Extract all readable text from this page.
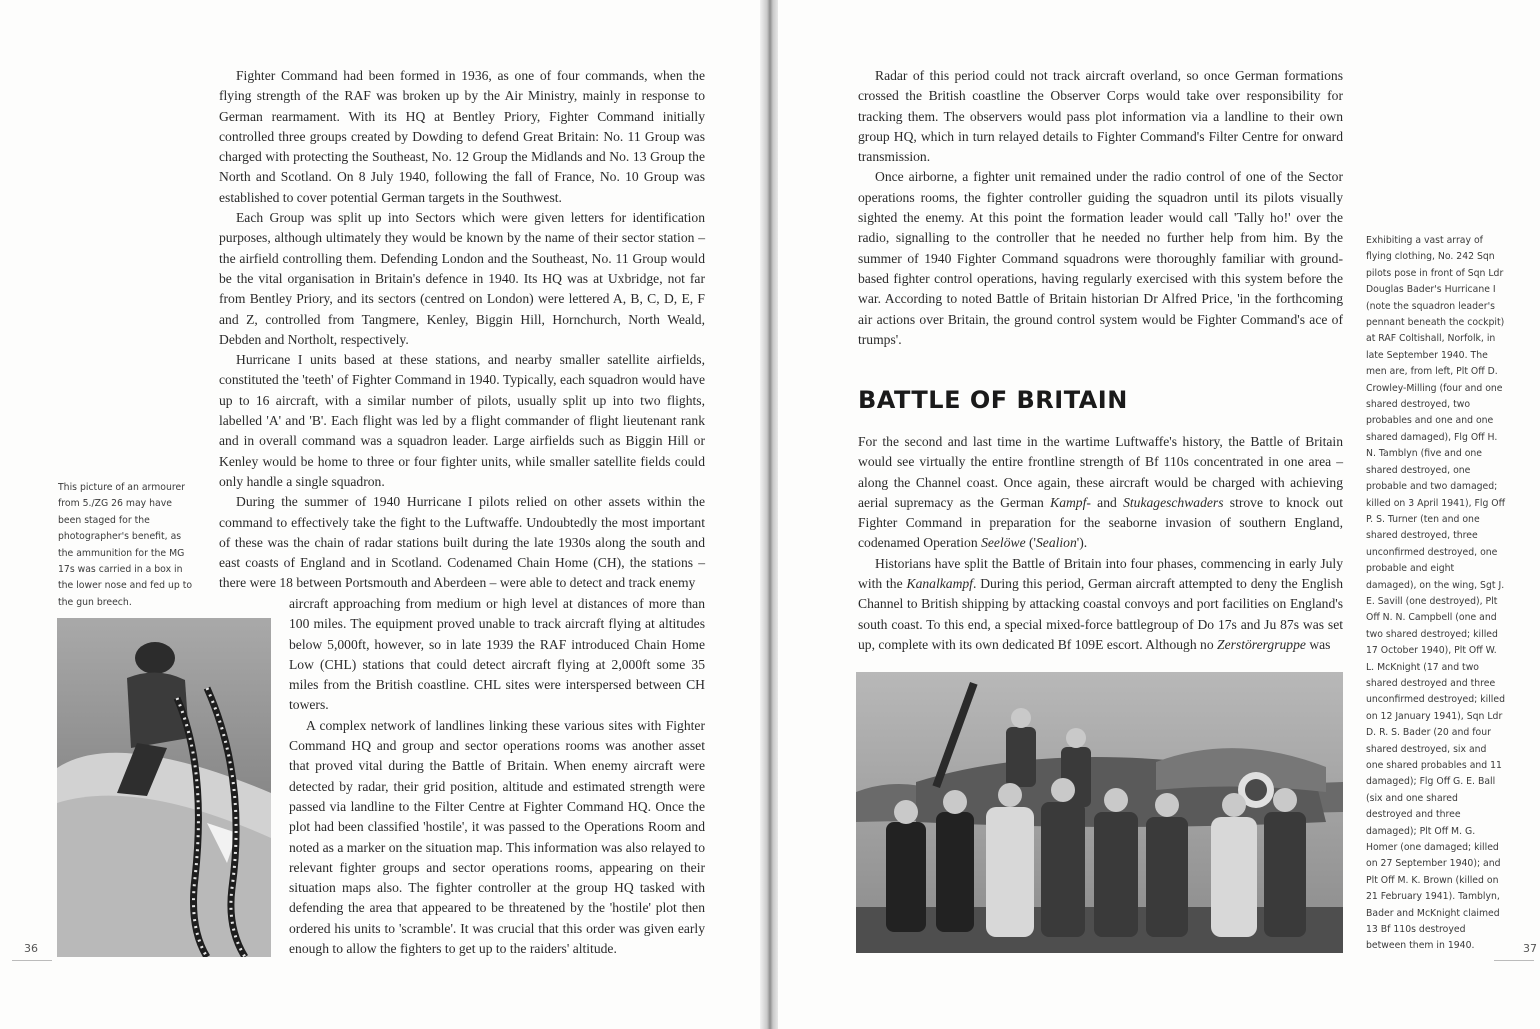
Fighter Command had been formed in 1936, as one of four commands, when the flying strength of the RAF was broken up by the Air Ministry, mainly in response to German rearmament. With its HQ at Bentley Priory, Fighter Command initially controlled three groups created by Dowding to defend Great Britain: No. 11 Group was charged with protecting the Southeast, No. 12 Group the Midlands and No. 13 Group the North and Scotland. On 8 July 1940, following the fall of France, No. 10 Group was established to cover potential German targets in the Southwest.

Each Group was split up into Sectors which were given letters for identification purposes, although ultimately they would be known by the name of their sector station – the airfield controlling them. Defending London and the Southeast, No. 11 Group would be the vital organisation in Britain's defence in 1940. Its HQ was at Uxbridge, not far from Bentley Priory, and its sectors (centred on London) were lettered A, B, C, D, E, F and Z, controlled from Tangmere, Kenley, Biggin Hill, Hornchurch, North Weald, Debden and Northolt, respectively.

Hurricane I units based at these stations, and nearby smaller satellite airfields, constituted the 'teeth' of Fighter Command in 1940. Typically, each squadron would have up to 16 aircraft, with a similar number of pilots, usually split up into two flights, labelled 'A' and 'B'. Each flight was led by a flight commander of flight lieutenant rank and in overall command was a squadron leader. Large airfields such as Biggin Hill or Kenley would be home to three or four fighter units, while smaller satellite fields could only handle a single squadron.

During the summer of 1940 Hurricane I pilots relied on other assets within the command to effectively take the fight to the Luftwaffe. Undoubtedly the most important of these was the chain of radar stations built during the late 1930s along the south and east coasts of England and in Scotland. Codenamed Chain Home (CH), the stations – there were 18 between Portsmouth and Aberdeen – were able to detect and track enemy

aircraft approaching from medium or high level at distances of more than 100 miles. The equipment proved unable to track aircraft flying at altitudes below 5,000ft, however, so in late 1939 the RAF introduced Chain Home Low (CHL) stations that could detect aircraft flying at 2,000ft some 35 miles from the British coastline. CHL sites were interspersed between CH towers.

A complex network of landlines linking these various sites with Fighter Command HQ and group and sector operations rooms was another asset that proved vital during the Battle of Britain. When enemy aircraft were detected by radar, their grid position, altitude and estimated strength were passed via landline to the Filter Centre at Fighter Command HQ. Once the plot had been classified 'hostile', it was passed to the Operations Room and noted as a marker on the situation map. This information was also relayed to relevant fighter groups and sector operations rooms, appearing on their situation maps also. The fighter controller at the group HQ tasked with defending the area that appeared to be threatened by the 'hostile' plot then ordered his units to 'scramble'. It was crucial that this order was given early enough to allow the fighters to get up to the raiders' altitude.

This picture of an armourer from 5./ZG 26 may have been staged for the photographer's benefit, as the ammunition for the MG 17s was carried in a box in the lower nose and fed up to the gun breech.

36

Radar of this period could not track aircraft overland, so once German formations crossed the British coastline the Observer Corps would take over responsibility for tracking them. The observers would pass plot information via a landline to their own group HQ, which in turn relayed details to Fighter Command's Filter Centre for onward transmission.

Once airborne, a fighter unit remained under the radio control of one of the Sector operations rooms, the fighter controller guiding the squadron until its pilots visually sighted the enemy. At this point the formation leader would call 'Tally ho!' over the radio, signalling to the controller that he needed no further help from him. By the summer of 1940 Fighter Command squadrons were thoroughly familiar with ground-based fighter control operations, having regularly exercised with this system before the war. According to noted Battle of Britain historian Dr Alfred Price, 'in the forthcoming air actions over Britain, the ground control system would be Fighter Command's ace of trumps'.

BATTLE OF BRITAIN

For the second and last time in the wartime Luftwaffe's history, the Battle of Britain would see virtually the entire frontline strength of Bf 110s concentrated in one area – along the Channel coast. Once again, these aircraft would be charged with achieving aerial supremacy as the German Kampf- and Stukageschwaders strove to knock out Fighter Command in preparation for the seaborne invasion of southern England, codenamed Operation Seelöwe ('Sealion').

Historians have split the Battle of Britain into four phases, commencing in early July with the Kanalkampf. During this period, German aircraft attempted to deny the English Channel to British shipping by attacking coastal convoys and port facilities on England's south coast. To this end, a special mixed-force battlegroup of Do 17s and Ju 87s was set up, complete with its own dedicated Bf 109E escort. Although no Zerstörergruppe was

Exhibiting a vast array of flying clothing, No. 242 Sqn pilots pose in front of Sqn Ldr Douglas Bader's Hurricane I (note the squadron leader's pennant beneath the cockpit) at RAF Coltishall, Norfolk, in late September 1940. The men are, from left, Plt Off D. Crowley-Milling (four and one shared destroyed, two probables and one and one shared damaged), Flg Off H. N. Tamblyn (five and one shared destroyed, one probable and two damaged; killed on 3 April 1941), Flg Off P. S. Turner (ten and one shared destroyed, three unconfirmed destroyed, one probable and eight damaged), on the wing, Sgt J. E. Savill (one destroyed), Plt Off N. N. Campbell (one and two shared destroyed; killed 17 October 1940), Plt Off W. L. McKnight (17 and two shared destroyed and three unconfirmed destroyed; killed on 12 January 1941), Sqn Ldr D. R. S. Bader (20 and four shared destroyed, six and one shared probables and 11 damaged); Flg Off G. E. Ball (six and one shared destroyed and three damaged); Plt Off M. G. Homer (one damaged; killed on 27 September 1940); and Plt Off M. K. Brown (killed on 21 February 1941). Tamblyn, Bader and McKnight claimed 13 Bf 110s destroyed between them in 1940.	37
